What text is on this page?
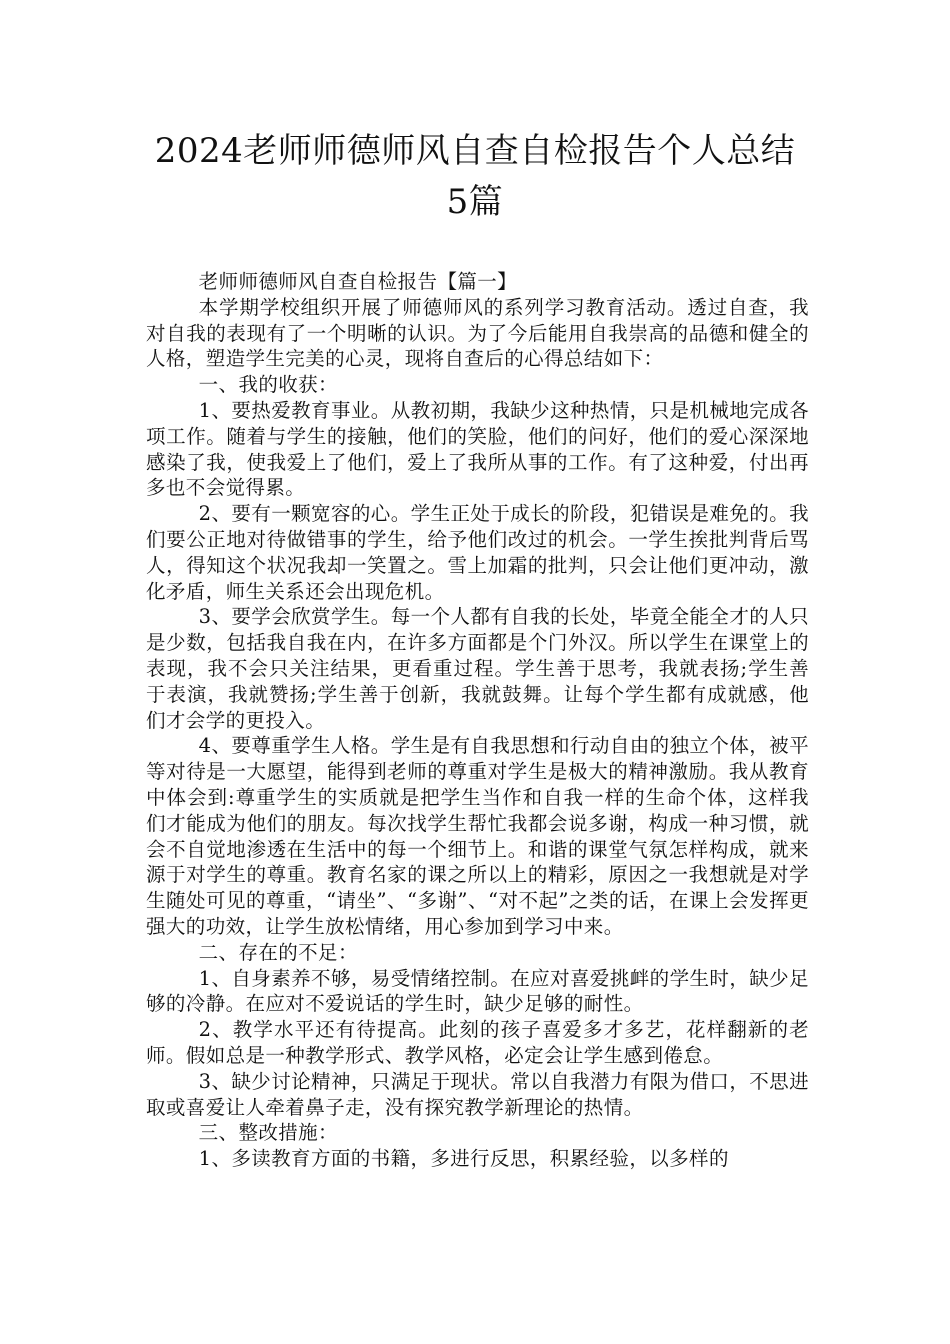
2024老师师德师风自查自检报告个人总结
5篇

老师师德师风自查自检报告【篇一】

本学期学校组织开展了师德师风的系列学习教育活动。透过自查，我对自我的表现有了一个明晰的认识。为了今后能用自我崇高的品德和健全的人格，塑造学生完美的心灵，现将自查后的心得总结如下：

一、我的收获：

1、要热爱教育事业。从教初期，我缺少这种热情，只是机械地完成各项工作。随着与学生的接触，他们的笑脸，他们的问好，他们的爱心深深地感染了我，使我爱上了他们，爱上了我所从事的工作。有了这种爱，付出再多也不会觉得累。

2、要有一颗宽容的心。学生正处于成长的阶段，犯错误是难免的。我们要公正地对待做错事的学生，给予他们改过的机会。一学生挨批判背后骂人，得知这个状况我却一笑置之。雪上加霜的批判，只会让他们更冲动，激化矛盾，师生关系还会出现危机。

3、要学会欣赏学生。每一个人都有自我的长处，毕竟全能全才的人只是少数，包括我自我在内，在许多方面都是个门外汉。所以学生在课堂上的表现，我不会只关注结果，更看重过程。学生善于思考，我就表扬;学生善于表演，我就赞扬;学生善于创新，我就鼓舞。让每个学生都有成就感，他们才会学的更投入。

4、要尊重学生人格。学生是有自我思想和行动自由的独立个体，被平等对待是一大愿望，能得到老师的尊重对学生是极大的精神激励。我从教育中体会到:尊重学生的实质就是把学生当作和自我一样的生命个体，这样我们才能成为他们的朋友。每次找学生帮忙我都会说多谢，构成一种习惯，就会不自觉地渗透在生活中的每一个细节上。和谐的课堂气氛怎样构成，就来源于对学生的尊重。教育名家的课之所以上的精彩，原因之一我想就是对学生随处可见的尊重，“请坐”、“多谢”、“对不起”之类的话，在课上会发挥更强大的功效，让学生放松情绪，用心参加到学习中来。

二、存在的不足：

1、自身素养不够，易受情绪控制。在应对喜爱挑衅的学生时，缺少足够的冷静。在应对不爱说话的学生时，缺少足够的耐性。

2、教学水平还有待提高。此刻的孩子喜爱多才多艺，花样翻新的老师。假如总是一种教学形式、教学风格，必定会让学生感到倦怠。

3、缺少讨论精神，只满足于现状。常以自我潜力有限为借口，不思进取或喜爱让人牵着鼻子走，没有探究教学新理论的热情。

三、整改措施：

1、多读教育方面的书籍，多进行反思，积累经验，以多样的
